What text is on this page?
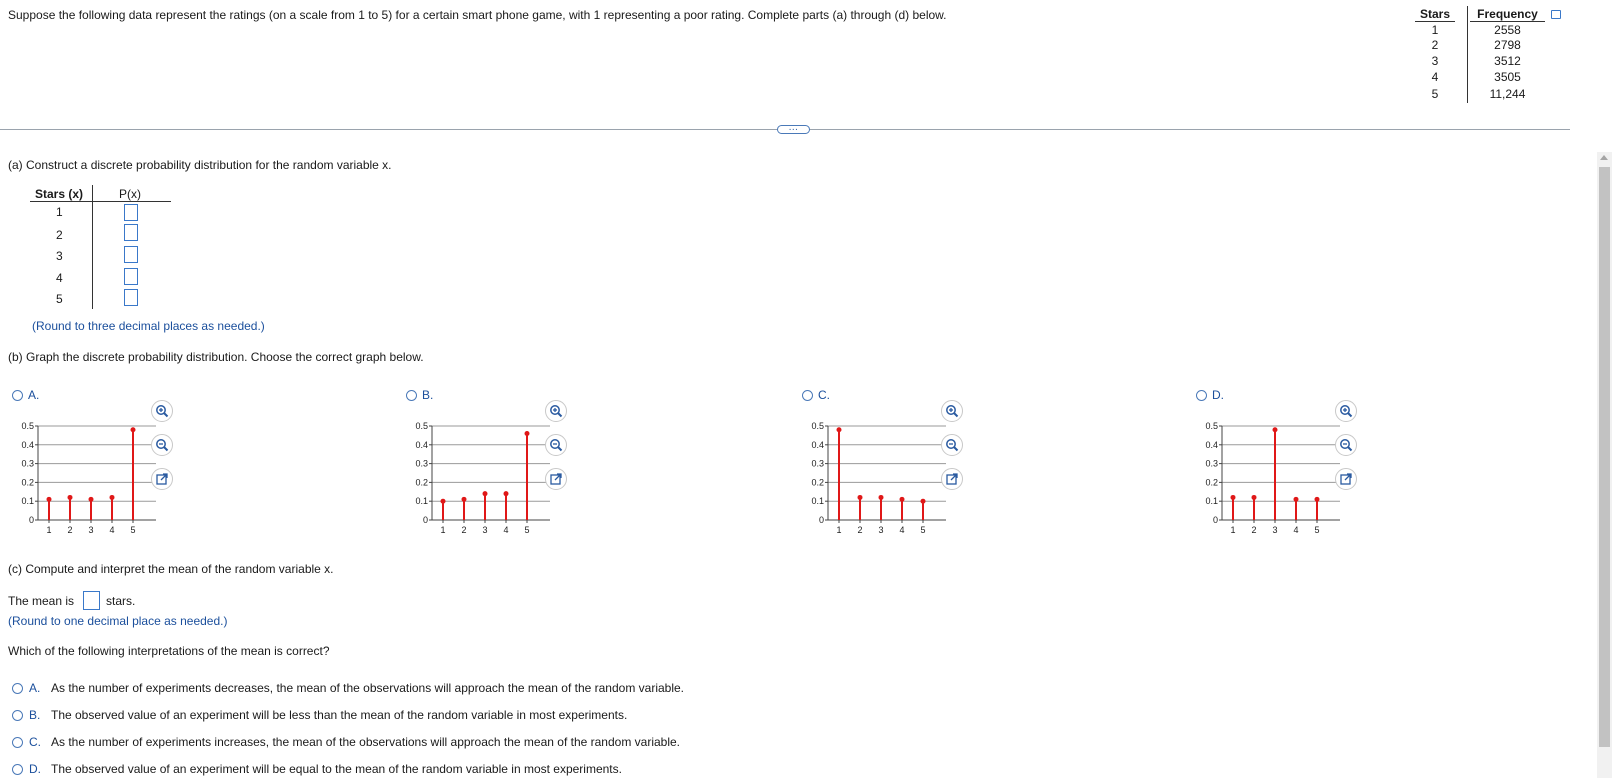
Suppose the following data represent the ratings (on a scale from 1 to 5) for a certain smart phone game, with 1 representing a poor rating. Complete parts (a) through (d) below.	Stars	Frequency
1	2558
2	2798
3	3512
4	3505
5	11,244
…
(a) Construct a discrete probability distribution for the random variable x.
Stars (x)	P(x)
1
2
3
4
5
(Round to three decimal places as needed.)
(b) Graph the discrete probability distribution. Choose the correct graph below.
A.
0
0.1
0.2
0.3
0.4
0.5
1 2 3 4 5
B.
0
0.1
0.2
0.3
0.4
0.5
1 2 3 4 5
C.
0
0.1
0.2
0.3
0.4
0.5
1 2 3 4 5
D.
0
0.1
0.2
0.3
0.4
0.5
1 2 3 4 5
(c) Compute and interpret the mean of the random variable x.
The mean is	stars.
(Round to one decimal place as needed.)
Which of the following interpretations of the mean is correct?
A. As the number of experiments decreases, the mean of the observations will approach the mean of the random variable.
B. The observed value of an experiment will be less than the mean of the random variable in most experiments.
C. As the number of experiments increases, the mean of the observations will approach the mean of the random variable.
D. The observed value of an experiment will be equal to the mean of the random variable in most experiments.
